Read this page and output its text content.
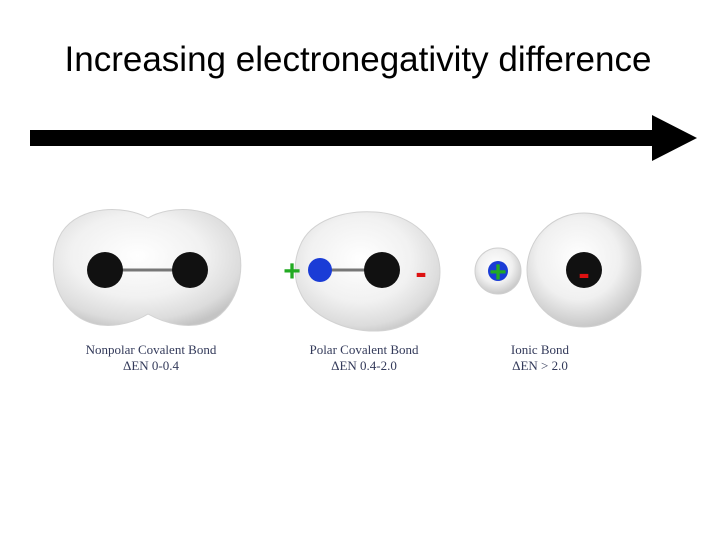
Increasing electronegativity difference
+	- + -
Nonpolar Covalent Bond
ΔEN 0-0.4
Polar Covalent Bond
ΔEN 0.4-2.0
Ionic Bond
ΔEN > 2.0
